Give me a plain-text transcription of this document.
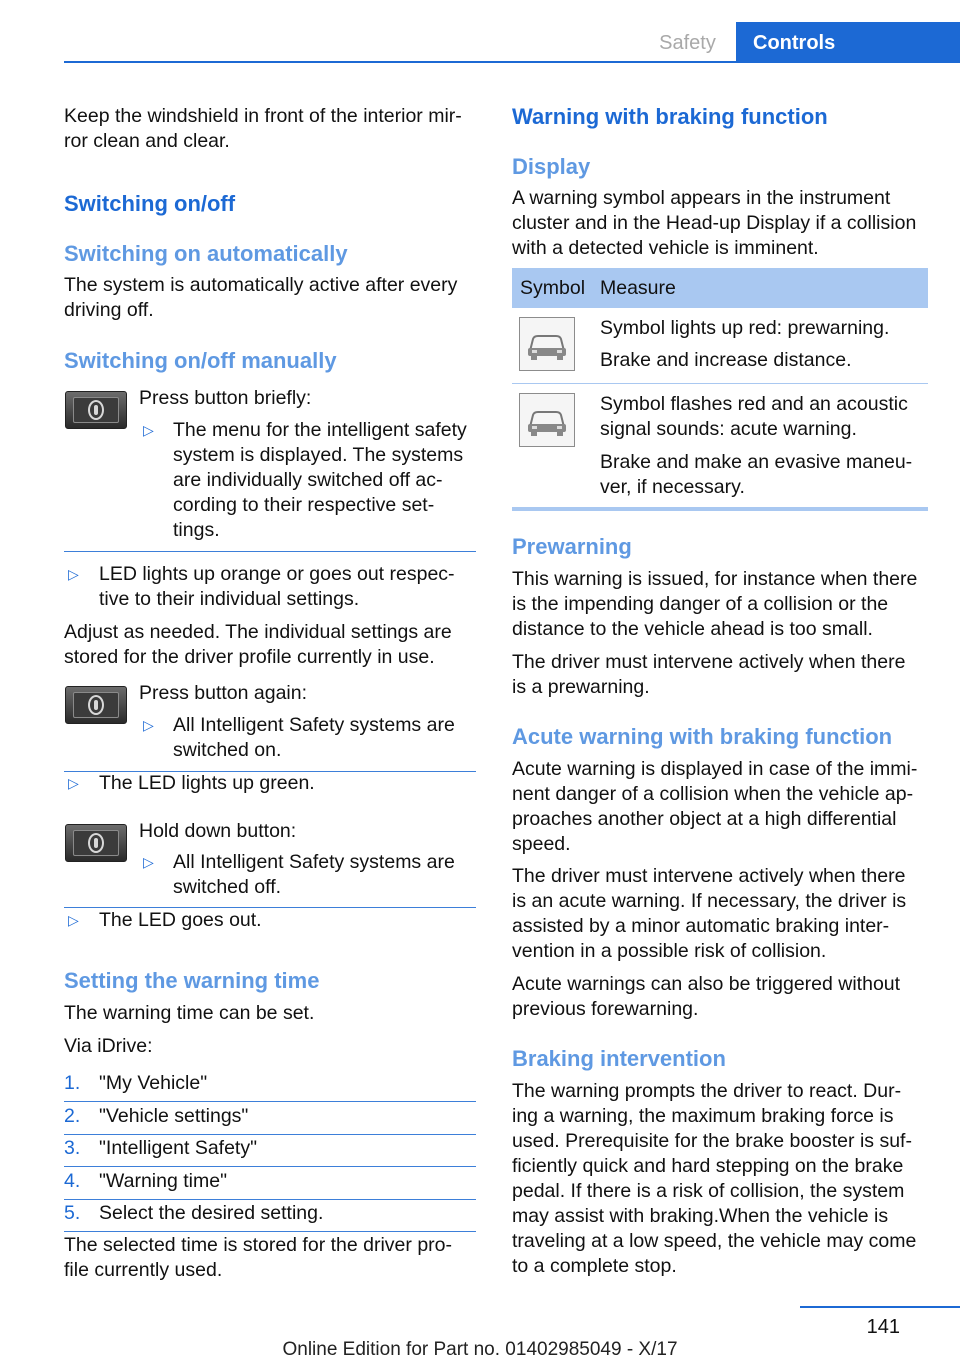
Safety	Controls

Keep the windshield in front of the interior mir-

ror clean and clear.

Switching on/off
Switching on automatically

The system is automatically active after every

driving off.

Switching on/off manually

Press button briefly:

▷ The menu for the intelligent safety

system is displayed. The systems

are individually switched off ac-

cording to their respective set-

tings.

▷ LED lights up orange or goes out respec-

tive to their individual settings.

Adjust as needed. The individual settings are

stored for the driver profile currently in use.

Press button again:

▷ All Intelligent Safety systems are

switched on.

▷ The LED lights up green.

Hold down button:

▷ All Intelligent Safety systems are

switched off.

▷ The LED goes out.

Setting the warning time

The warning time can be set.

Via iDrive:

1. "My Vehicle"

2. "Vehicle settings"

3. "Intelligent Safety"

4. "Warning time"

5. Select the desired setting.

The selected time is stored for the driver pro-

file currently used.

Warning with braking function
Display

A warning symbol appears in the instrument

cluster and in the Head-up Display if a collision

with a detected vehicle is imminent.

Symbol Measure

Symbol lights up red: prewarning.

Brake and increase distance.

Symbol flashes red and an acoustic

signal sounds: acute warning.

Brake and make an evasive maneu-

ver, if necessary.

Prewarning

This warning is issued, for instance when there

is the impending danger of a collision or the

distance to the vehicle ahead is too small.

The driver must intervene actively when there

is a prewarning.

Acute warning with braking function

Acute warning is displayed in case of the immi-

nent danger of a collision when the vehicle ap-

proaches another object at a high differential

speed.

The driver must intervene actively when there

is an acute warning. If necessary, the driver is

assisted by a minor automatic braking inter-

vention in a possible risk of collision.

Acute warnings can also be triggered without

previous forewarning.

Braking intervention

The warning prompts the driver to react. Dur-

ing a warning, the maximum braking force is

used. Prerequisite for the brake booster is suf-

ficiently quick and hard stepping on the brake

pedal. If there is a risk of collision, the system

may assist with braking.When the vehicle is

traveling at a low speed, the vehicle may come

to a complete stop.

141
Online Edition for Part no. 01402985049 - X/17
